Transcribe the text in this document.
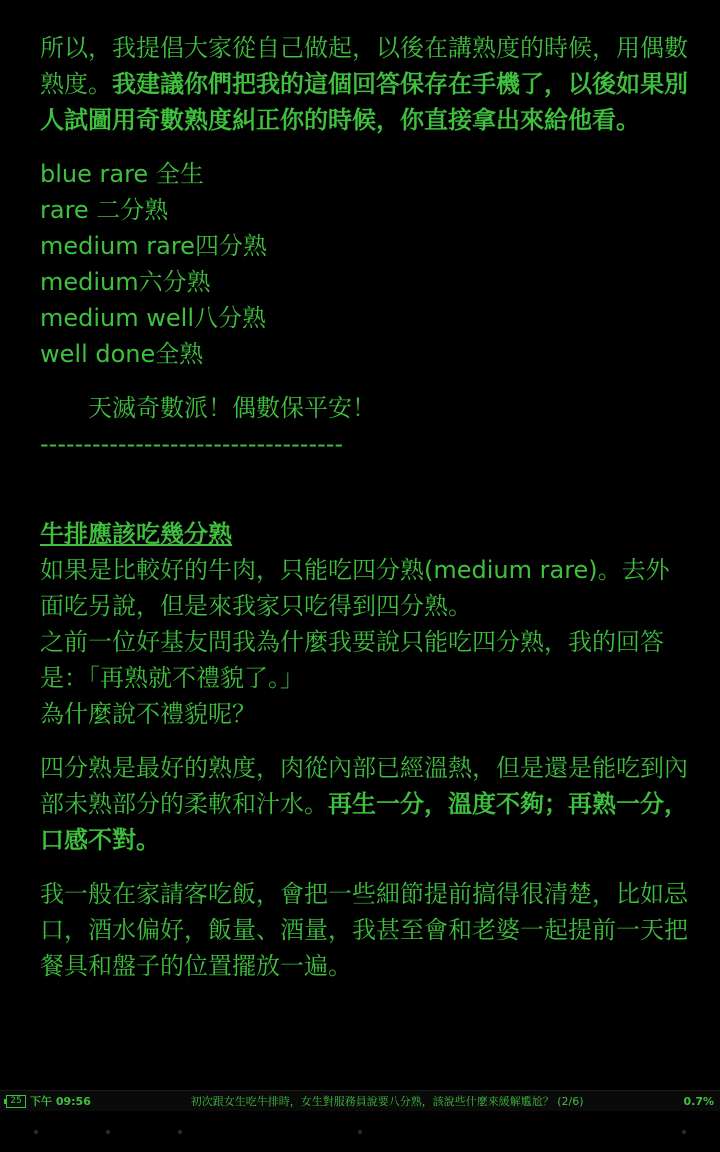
所以，我提倡大家從自己做起，以後在講熟度的時候，用偶數熟度。我建議你們把我的這個回答保存在手機了，以後如果別人試圖用奇數熟度糾正你的時候，你直接拿出來給他看。

blue rare 全生
rare 二分熟
medium rare四分熟
medium六分熟
medium well八分熟
well done全熟
天滅奇數派！偶數保平安！
-----------------------------------
牛排應該吃幾分熟

如果是比較好的牛肉，只能吃四分熟(medium rare)。去外面吃另說，但是來我家只吃得到四分熟。

之前一位好基友問我為什麼我要說只能吃四分熟，我的回答是：「再熟就不禮貌了。」

為什麼說不禮貌呢？

四分熟是最好的熟度，肉從內部已經溫熱，但是還是能吃到內部未熟部分的柔軟和汁水。再生一分，溫度不夠；再熟一分，口感不對。

我一般在家請客吃飯，會把一些細節提前搞得很清楚，比如忌口，酒水偏好，飯量、酒量，我甚至會和老婆一起提前一天把餐具和盤子的位置擺放一遍。

25 下午 09:56	初次跟女生吃牛排時，女生對服務員說要八分熟，該說些什麼來緩解尷尬？ (2/6)	0.7%
